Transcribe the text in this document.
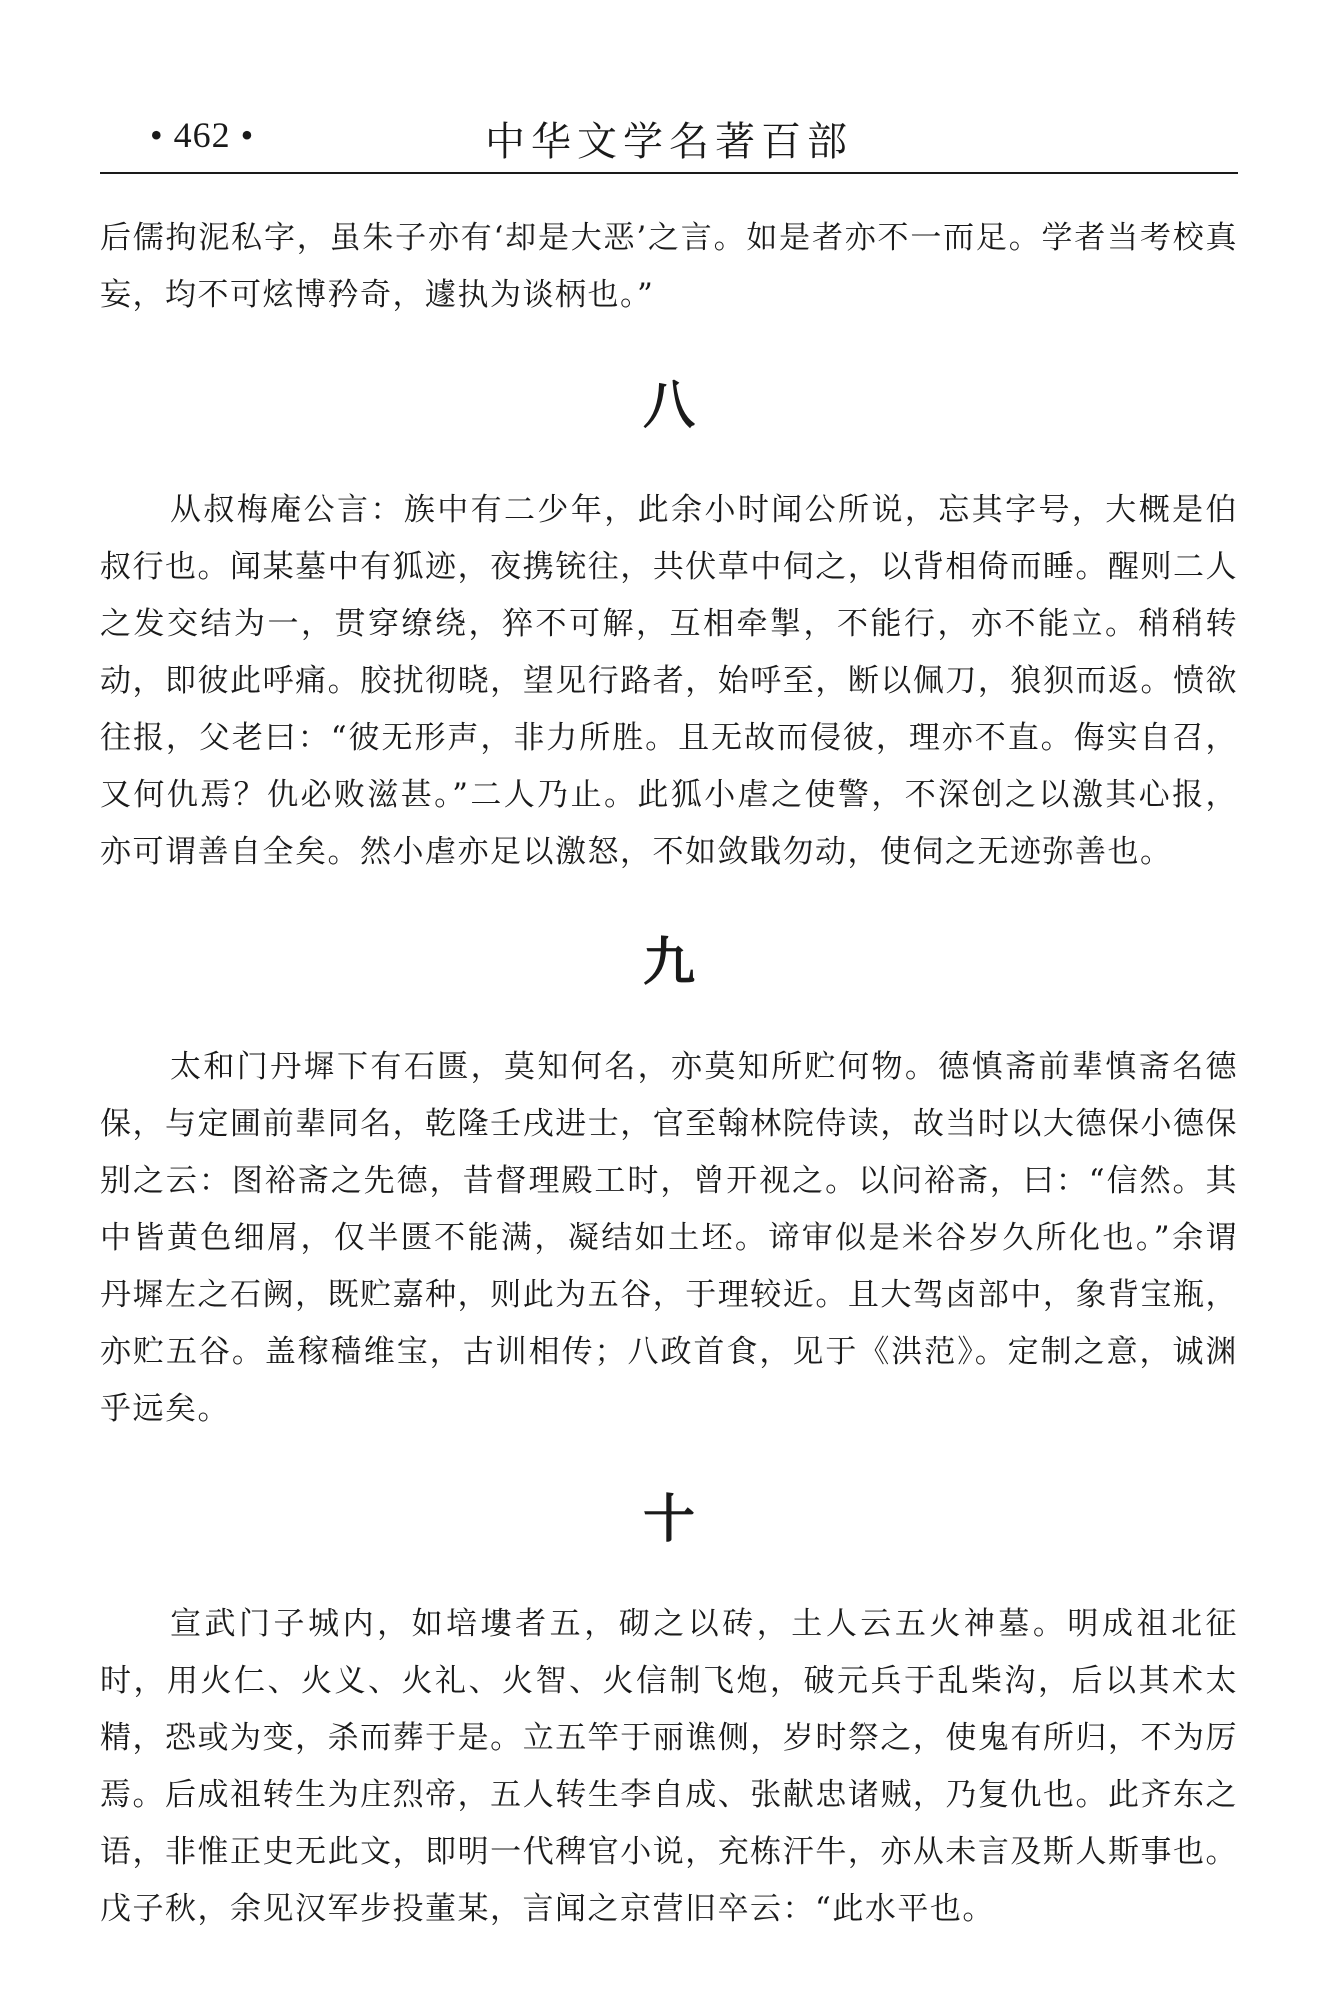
• 462 •	中华文学名著百部

后儒拘泥私字，虽朱子亦有‘却是大恶’之言。如是者亦不一而足。学者当考校真妄，均不可炫博矜奇，遽执为谈柄也。”

八

从叔梅庵公言：族中有二少年，此余小时闻公所说，忘其字号，大概是伯叔行也。闻某墓中有狐迹，夜携铳往，共伏草中伺之，以背相倚而睡。醒则二人之发交结为一，贯穿缭绕，猝不可解，互相牵掣，不能行，亦不能立。稍稍转动，即彼此呼痛。胶扰彻晓，望见行路者，始呼至，断以佩刀，狼狈而返。愤欲往报，父老曰：“彼无形声，非力所胜。且无故而侵彼，理亦不直。侮实自召，又何仇焉？仇必败滋甚。”二人乃止。此狐小虐之使警，不深创之以激其心报，亦可谓善自全矣。然小虐亦足以激怒，不如敛戢勿动，使伺之无迹弥善也。

九

太和门丹墀下有石匮，莫知何名，亦莫知所贮何物。德慎斋前辈慎斋名德保，与定圃前辈同名，乾隆壬戌进士，官至翰林院侍读，故当时以大德保小德保别之云：图裕斋之先德，昔督理殿工时，曾开视之。以问裕斋，曰：“信然。其中皆黄色细屑，仅半匮不能满，凝结如土坯。谛审似是米谷岁久所化也。”余谓丹墀左之石阙，既贮嘉种，则此为五谷，于理较近。且大驾卤部中，象背宝瓶，亦贮五谷。盖稼穑维宝，古训相传；八政首食，见于《洪范》。定制之意，诚渊乎远矣。

十

宣武门子城内，如培塿者五，砌之以砖，土人云五火神墓。明成祖北征时，用火仁、火义、火礼、火智、火信制飞炮，破元兵于乱柴沟，后以其术太精，恐或为变，杀而葬于是。立五竿于丽谯侧，岁时祭之，使鬼有所归，不为厉焉。后成祖转生为庄烈帝，五人转生李自成、张献忠诸贼，乃复仇也。此齐东之语，非惟正史无此文，即明一代稗官小说，充栋汗牛，亦从未言及斯人斯事也。戊子秋，余见汉军步投董某，言闻之京营旧卒云：“此水平也。
